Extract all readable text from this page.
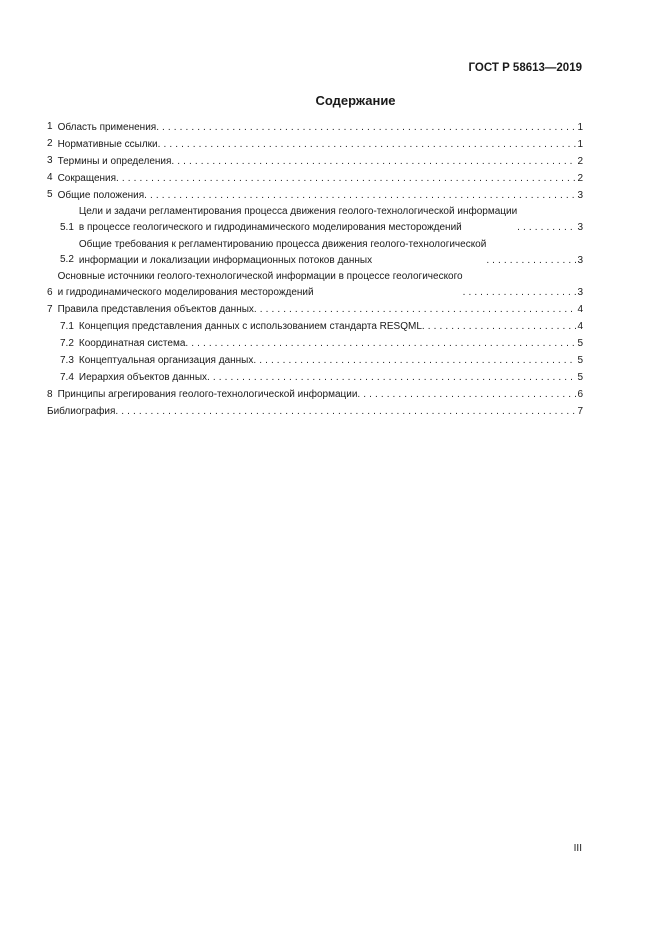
ГОСТ Р 58613—2019
Содержание
1 Область применения . . .	1
2 Нормативные ссылки . . .	1
3 Термины и определения . . .	2
4 Сокращения . . .	2
5 Общие положения . . .	3
5.1
Цели и задачи регламентирования процесса движения геолого-технологической информации
в процессе геологического и гидродинамического моделирования месторождений . . .	3
5.2
Общие требования к регламентированию процесса движения геолого-технологической
информации и локализации информационных потоков данных . . .	3
6
Основные источники геолого-технологической информации в процессе геологического
и гидродинамического моделирования месторождений . . .	3
7 Правила представления объектов данных . . .	4
7.1 Концепция представления данных с использованием стандарта RESQML . . .	4
7.2 Координатная система . . .	5
7.3 Концептуальная организация данных . . .	5
7.4 Иерархия объектов данных . . .	5
8 Принципы агрегирования геолого-технологической информации . . .	6
Библиография . . .	7
III
